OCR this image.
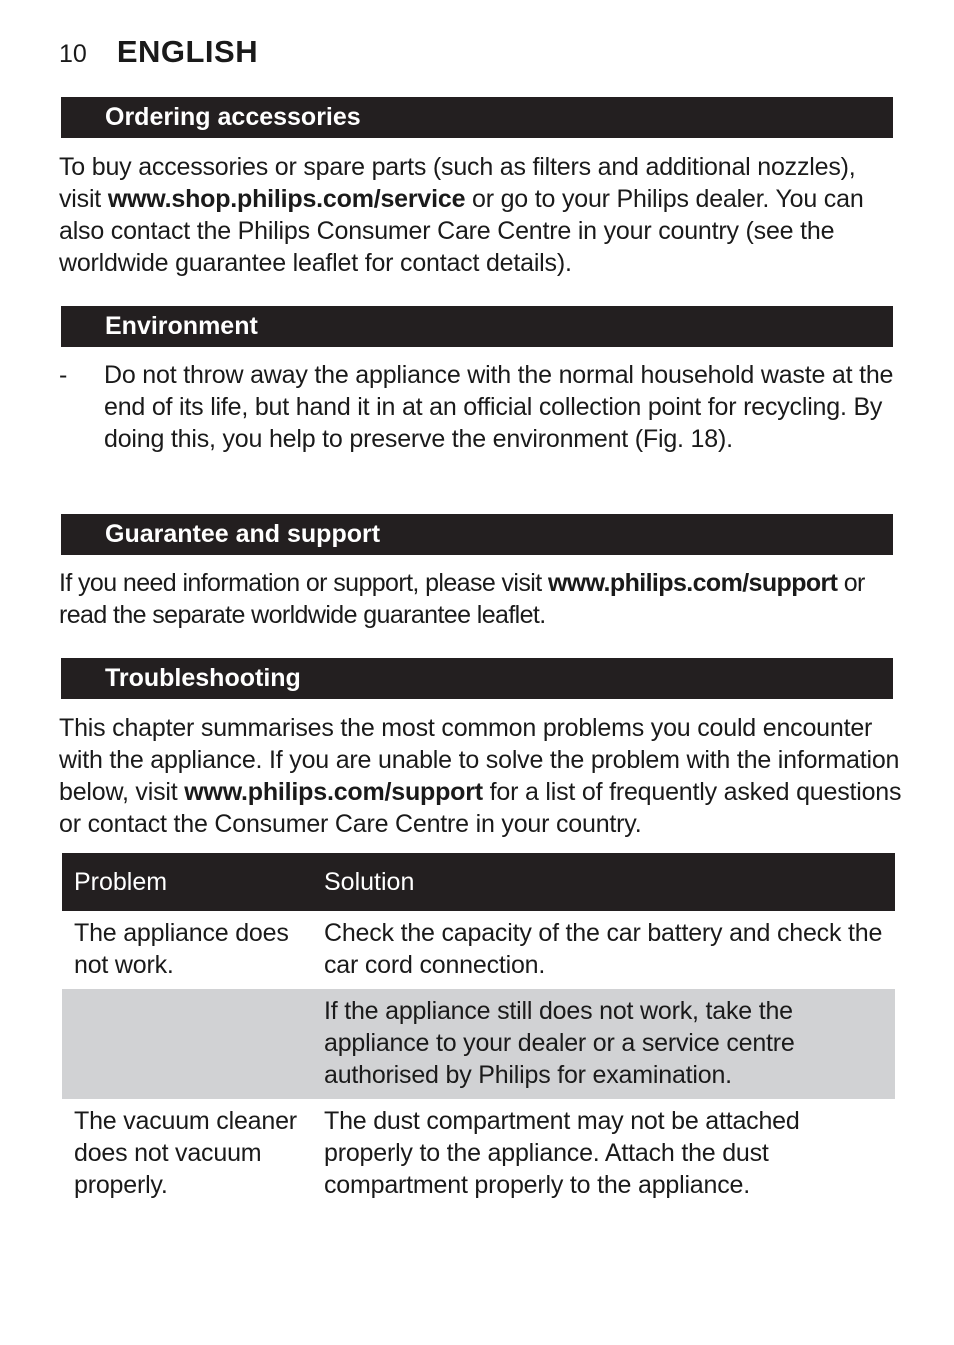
10 ENGLISH
Ordering accessories

To buy accessories or spare parts (such as filters and additional nozzles), visit www.shop.philips.com/service or go to your Philips dealer. You can also contact the Philips Consumer Care Centre in your country (see the worldwide guarantee leaflet for contact details).

Environment
- Do not throw away the appliance with the normal household waste at the end of its life, but hand it in at an official collection point for recycling. By doing this, you help to preserve the environment (Fig. 18).

Guarantee and support

If you need information or support, please visit www.philips.com/support or read the separate worldwide guarantee leaflet.

Troubleshooting

This chapter summarises the most common problems you could encounter with the appliance. If you are unable to solve the problem with the information below, visit www.philips.com/support for a list of frequently asked questions or contact the Consumer Care Centre in your country.

Problem	Solution
The appliance does not work.	Check the capacity of the car battery and check the car cord connection.
	If the appliance still does not work, take the appliance to your dealer or a service centre authorised by Philips for examination.
The vacuum cleaner does not vacuum properly.	The dust compartment may not be attached properly to the appliance. Attach the dust compartment properly to the appliance.
